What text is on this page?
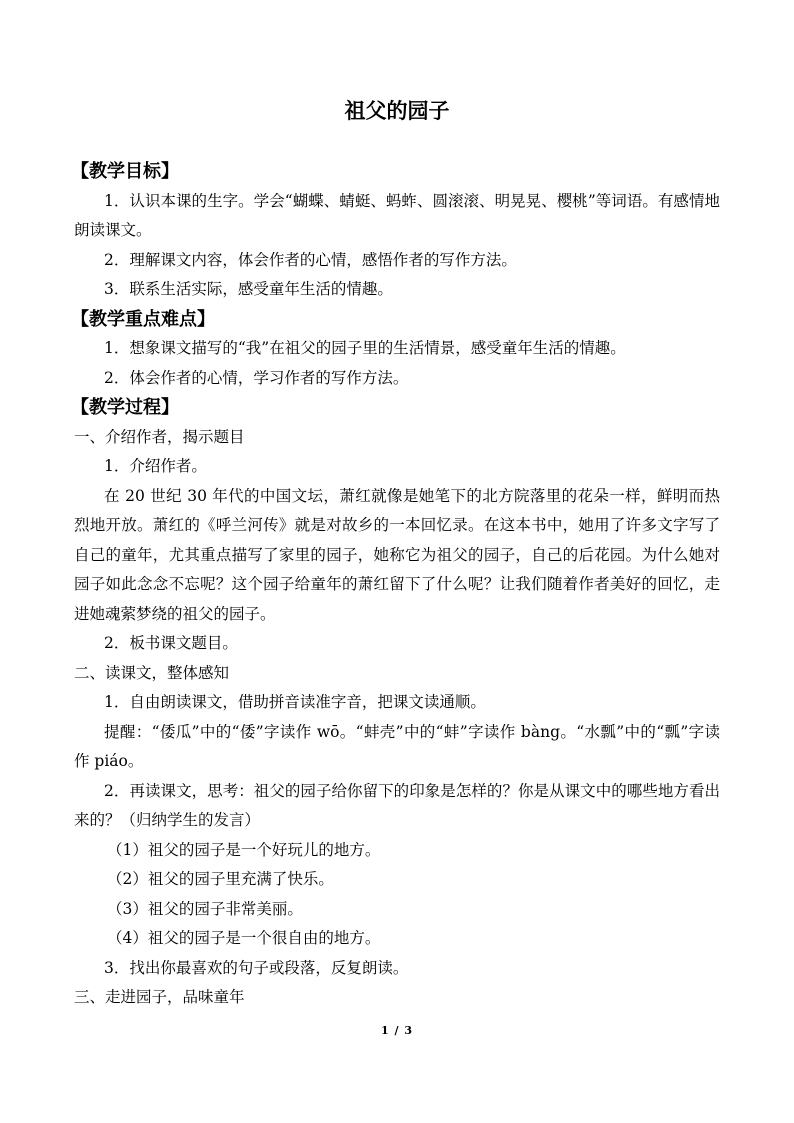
祖父的园子
【教学目标】

1．认识本课的生字。学会“蝴蝶、蜻蜓、蚂蚱、圆滚滚、明晃晃、樱桃”等词语。有感情地朗读课文。

2．理解课文内容，体会作者的心情，感悟作者的写作方法。
3．联系生活实际，感受童年生活的情趣。
【教学重点难点】
1．想象课文描写的“我”在祖父的园子里的生活情景，感受童年生活的情趣。
2．体会作者的心情，学习作者的写作方法。
【教学过程】
一、介绍作者，揭示题目
1．介绍作者。

在 20 世纪 30 年代的中国文坛，萧红就像是她笔下的北方院落里的花朵一样，鲜明而热烈地开放。萧红的《呼兰河传》就是对故乡的一本回忆录。在这本书中，她用了许多文字写了自己的童年，尤其重点描写了家里的园子，她称它为祖父的园子，自己的后花园。为什么她对园子如此念念不忘呢？这个园子给童年的萧红留下了什么呢？让我们随着作者美好的回忆，走进她魂萦梦绕的祖父的园子。

2．板书课文题目。
二、读课文，整体感知
1．自由朗读课文，借助拼音读准字音，把课文读通顺。

提醒：“倭瓜”中的“倭”字读作 wō。“蚌壳”中的“蚌”字读作 bàng。“水瓢”中的“瓢”字读作 piáo。

2．再读课文，思考：祖父的园子给你留下的印象是怎样的？你是从课文中的哪些地方看出来的？（归纳学生的发言）

（1）祖父的园子是一个好玩儿的地方。
（2）祖父的园子里充满了快乐。
（3）祖父的园子非常美丽。
（4）祖父的园子是一个很自由的地方。
3．找出你最喜欢的句子或段落，反复朗读。
三、走进园子，品味童年
1 / 3
